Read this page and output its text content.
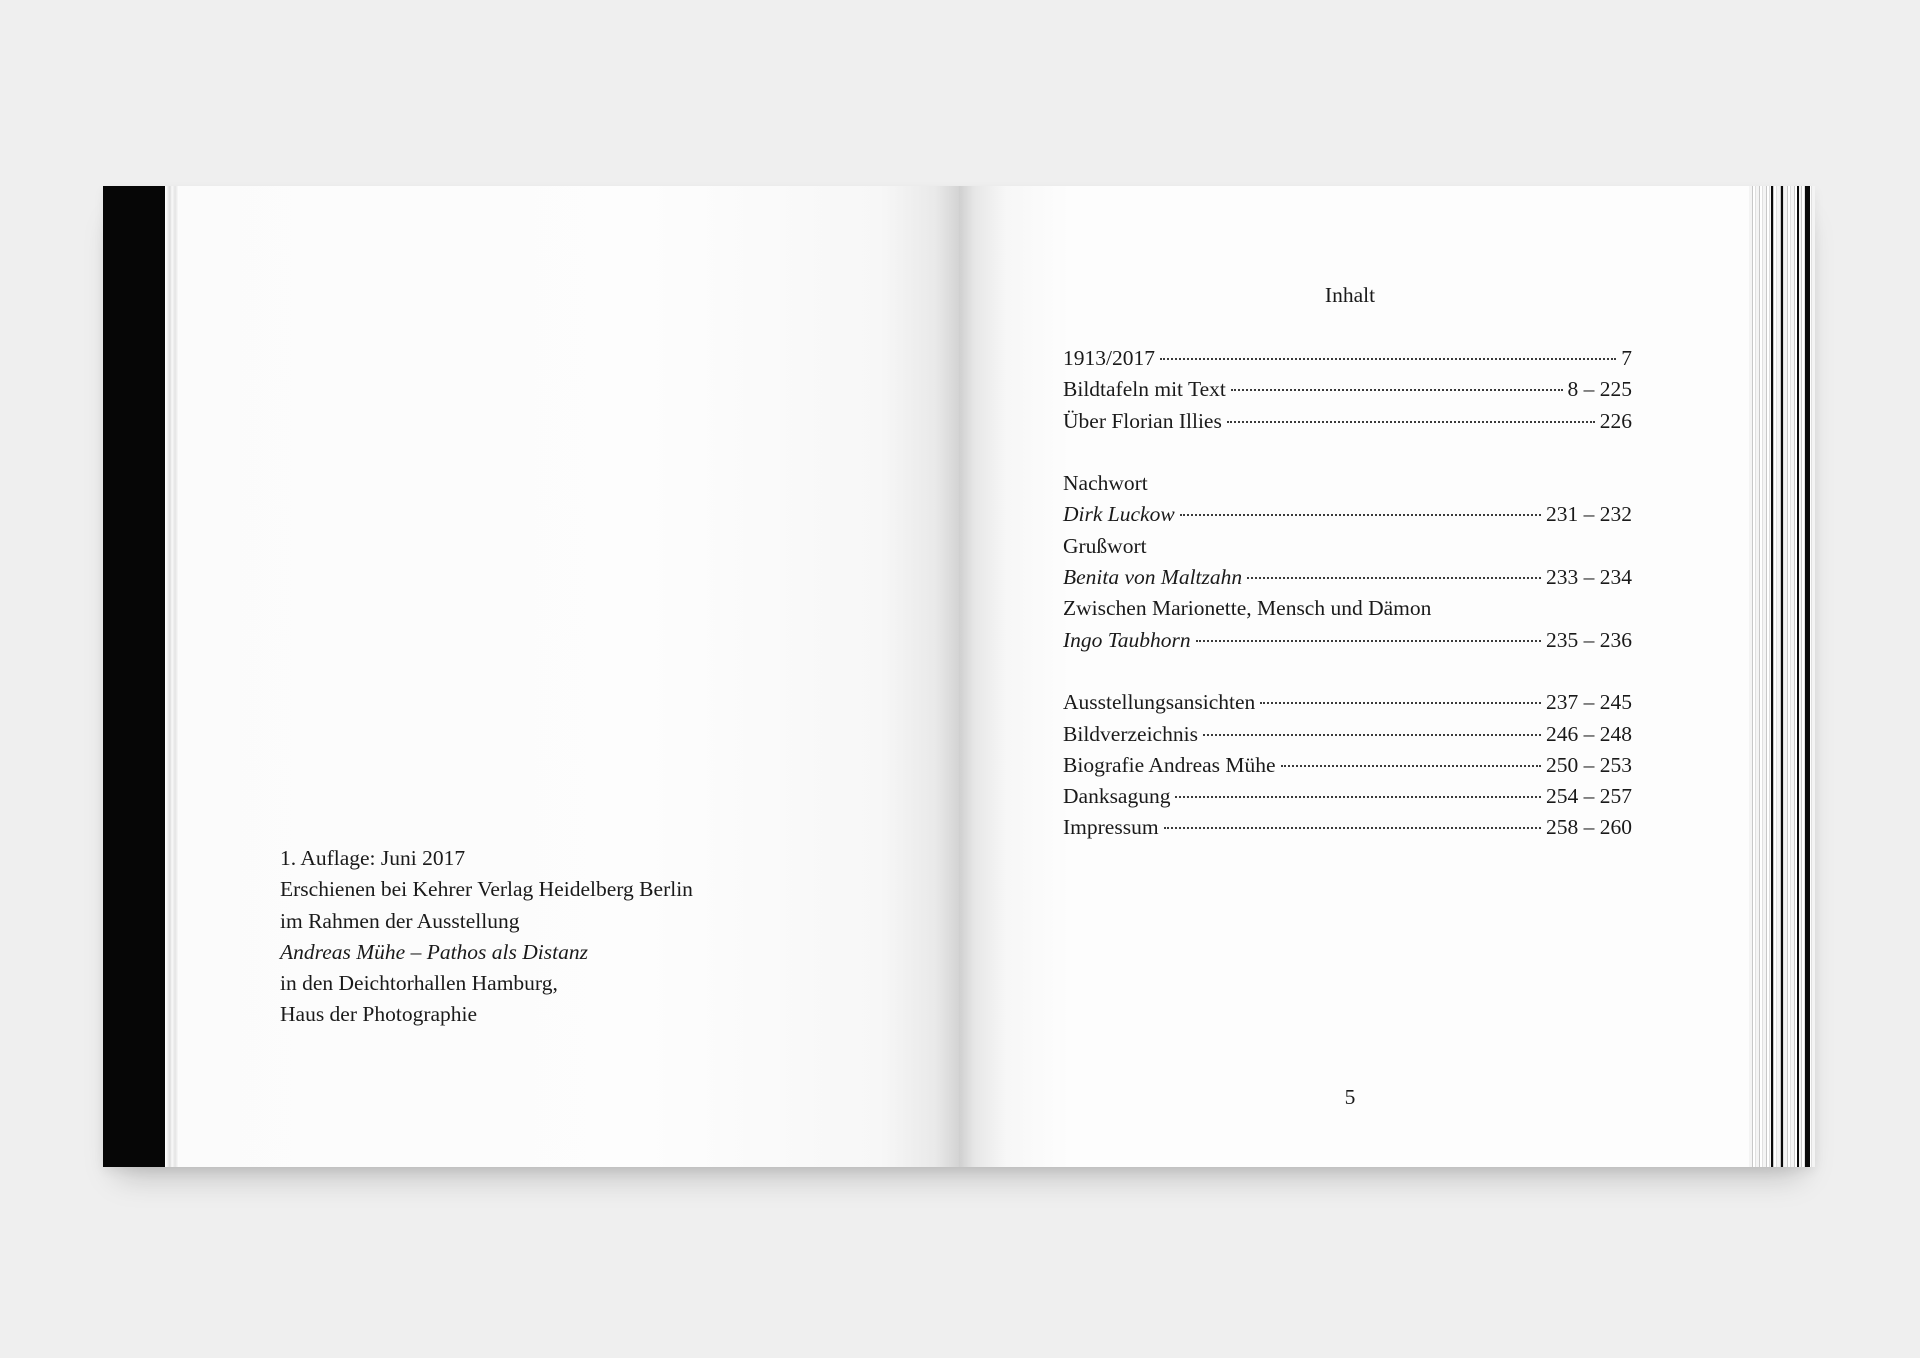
1. Auflage: Juni 2017
Erschienen bei Kehrer Verlag Heidelberg Berlin
im Rahmen der Ausstellung
Andreas Mühe – Pathos als Distanz
in den Deichtorhallen Hamburg,
Haus der Photographie
Inhalt
1913/2017	7
Bildtafeln mit Text	8 – 225
Über Florian Illies	226
Nachwort
Dirk Luckow	231 – 232
Grußwort
Benita von Maltzahn	233 – 234
Zwischen Marionette, Mensch und Dämon
Ingo Taubhorn	235 – 236
Ausstellungsansichten	237 – 245
Bildverzeichnis	246 – 248
Biografie Andreas Mühe	250 – 253
Danksagung	254 – 257
Impressum	258 – 260
5
